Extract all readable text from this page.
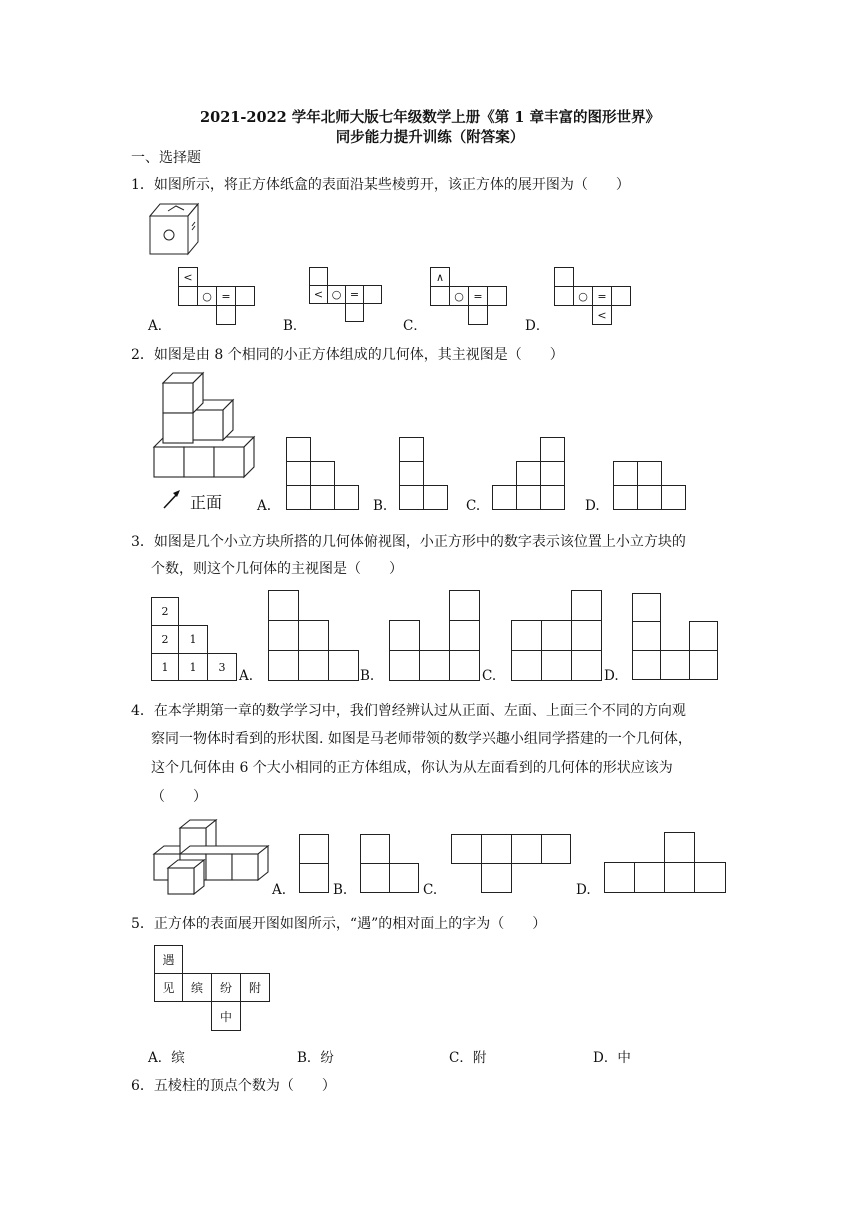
2021-2022 学年北师大版七年级数学上册《第 1 章丰富的图形世界》
同步能力提升训练（附答案）
一、选择题
1．如图所示，将正方体纸盒的表面沿某些棱剪开，该正方体的展开图为（　　）
<
○ =
A．
< ○ =
B．
∧
○ =
C．
○ =
<
D．
2．如图是由 8 个相同的小正方体组成的几何体，其主视图是（　　）
正面	A.	B.	C.	D.
3．如图是几个小立方块所搭的几何体俯视图，小正方形中的数字表示该位置上小立方块的
个数，则这个几何体的主视图是（　　）
2
2 1
1 1 3
A.	B.	C.	D.
4．在本学期第一章的数学学习中，我们曾经辨认过从正面、左面、上面三个不同的方向观
察同一物体时看到的形状图. 如图是马老师带领的数学兴趣小组同学搭建的一个几何体，
这个几何体由 6 个大小相同的正方体组成，你认为从左面看到的几何体的形状应该为
（　　）
A.	B.	C.	D.
5．正方体的表面展开图如图所示，“遇”的相对面上的字为（　　）
遇
见 缤 纷 附
中
A．缤	B．纷	C．附	D．中
6．五棱柱的顶点个数为（　　）
